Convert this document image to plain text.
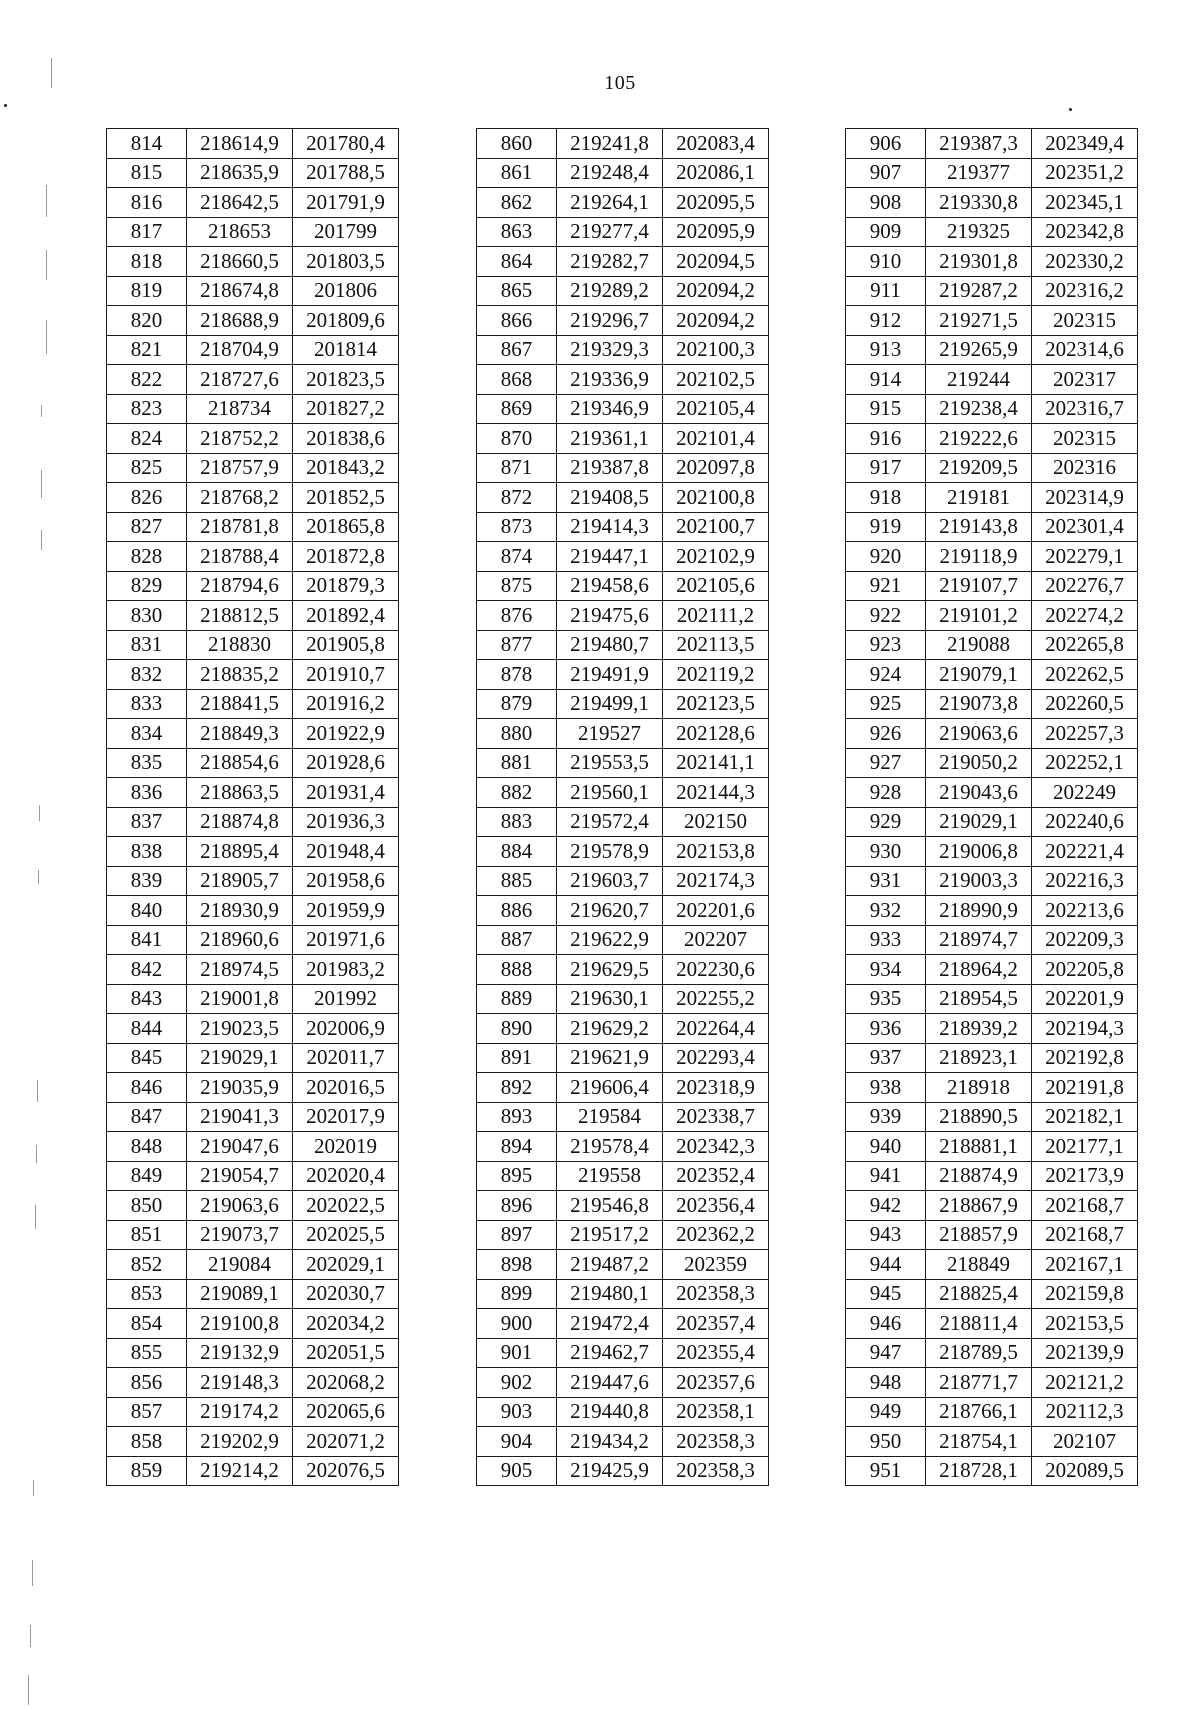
105
814	218614,9	201780,4
815	218635,9	201788,5
816	218642,5	201791,9
817	218653	201799
818	218660,5	201803,5
819	218674,8	201806
820	218688,9	201809,6
821	218704,9	201814
822	218727,6	201823,5
823	218734	201827,2
824	218752,2	201838,6
825	218757,9	201843,2
826	218768,2	201852,5
827	218781,8	201865,8
828	218788,4	201872,8
829	218794,6	201879,3
830	218812,5	201892,4
831	218830	201905,8
832	218835,2	201910,7
833	218841,5	201916,2
834	218849,3	201922,9
835	218854,6	201928,6
836	218863,5	201931,4
837	218874,8	201936,3
838	218895,4	201948,4
839	218905,7	201958,6
840	218930,9	201959,9
841	218960,6	201971,6
842	218974,5	201983,2
843	219001,8	201992
844	219023,5	202006,9
845	219029,1	202011,7
846	219035,9	202016,5
847	219041,3	202017,9
848	219047,6	202019
849	219054,7	202020,4
850	219063,6	202022,5
851	219073,7	202025,5
852	219084	202029,1
853	219089,1	202030,7
854	219100,8	202034,2
855	219132,9	202051,5
856	219148,3	202068,2
857	219174,2	202065,6
858	219202,9	202071,2
859	219214,2	202076,5
860	219241,8	202083,4
861	219248,4	202086,1
862	219264,1	202095,5
863	219277,4	202095,9
864	219282,7	202094,5
865	219289,2	202094,2
866	219296,7	202094,2
867	219329,3	202100,3
868	219336,9	202102,5
869	219346,9	202105,4
870	219361,1	202101,4
871	219387,8	202097,8
872	219408,5	202100,8
873	219414,3	202100,7
874	219447,1	202102,9
875	219458,6	202105,6
876	219475,6	202111,2
877	219480,7	202113,5
878	219491,9	202119,2
879	219499,1	202123,5
880	219527	202128,6
881	219553,5	202141,1
882	219560,1	202144,3
883	219572,4	202150
884	219578,9	202153,8
885	219603,7	202174,3
886	219620,7	202201,6
887	219622,9	202207
888	219629,5	202230,6
889	219630,1	202255,2
890	219629,2	202264,4
891	219621,9	202293,4
892	219606,4	202318,9
893	219584	202338,7
894	219578,4	202342,3
895	219558	202352,4
896	219546,8	202356,4
897	219517,2	202362,2
898	219487,2	202359
899	219480,1	202358,3
900	219472,4	202357,4
901	219462,7	202355,4
902	219447,6	202357,6
903	219440,8	202358,1
904	219434,2	202358,3
905	219425,9	202358,3
906	219387,3	202349,4
907	219377	202351,2
908	219330,8	202345,1
909	219325	202342,8
910	219301,8	202330,2
911	219287,2	202316,2
912	219271,5	202315
913	219265,9	202314,6
914	219244	202317
915	219238,4	202316,7
916	219222,6	202315
917	219209,5	202316
918	219181	202314,9
919	219143,8	202301,4
920	219118,9	202279,1
921	219107,7	202276,7
922	219101,2	202274,2
923	219088	202265,8
924	219079,1	202262,5
925	219073,8	202260,5
926	219063,6	202257,3
927	219050,2	202252,1
928	219043,6	202249
929	219029,1	202240,6
930	219006,8	202221,4
931	219003,3	202216,3
932	218990,9	202213,6
933	218974,7	202209,3
934	218964,2	202205,8
935	218954,5	202201,9
936	218939,2	202194,3
937	218923,1	202192,8
938	218918	202191,8
939	218890,5	202182,1
940	218881,1	202177,1
941	218874,9	202173,9
942	218867,9	202168,7
943	218857,9	202168,7
944	218849	202167,1
945	218825,4	202159,8
946	218811,4	202153,5
947	218789,5	202139,9
948	218771,7	202121,2
949	218766,1	202112,3
950	218754,1	202107
951	218728,1	202089,5
